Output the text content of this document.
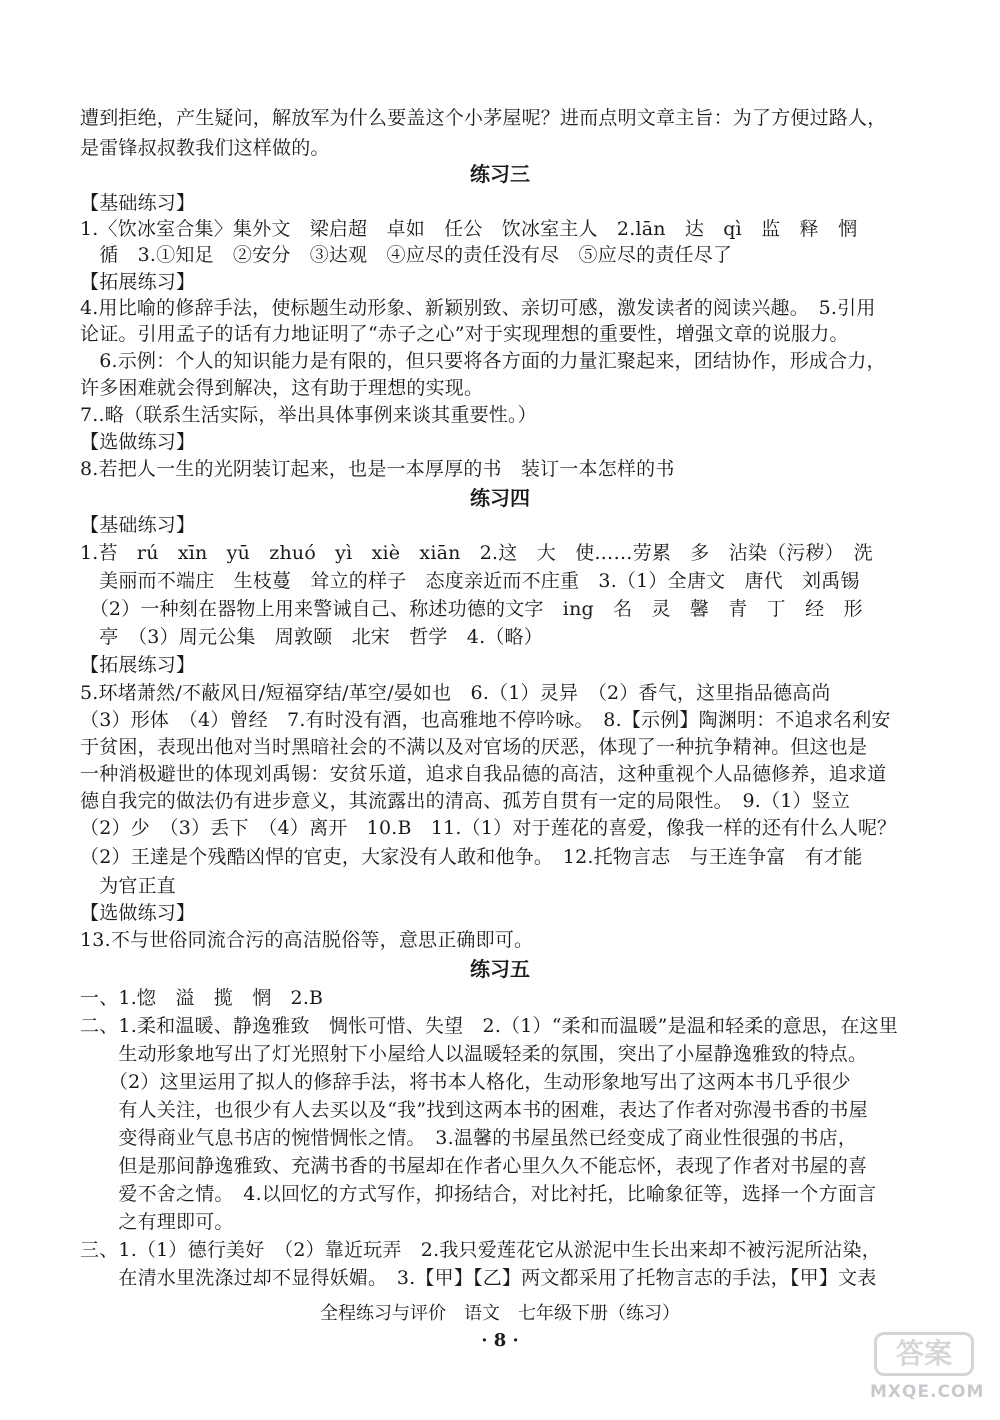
遭到拒绝，产生疑问，解放军为什么要盖这个小茅屋呢？进而点明文章主旨：为了方便过路人，
是雷锋叔叔教我们这样做的。
练习三
【基础练习】
1.〈饮冰室合集〉集外文　梁启超　卓如　任公　饮冰室主人　2.lān　达　qì　监　释　惘
　循　3.①知足　②安分　③达观　④应尽的责任没有尽　⑤应尽的责任尽了
【拓展练习】
4.用比喻的修辞手法，使标题生动形象、新颖别致、亲切可感，激发读者的阅读兴趣。　5.引用
论证。引用孟子的话有力地证明了“赤子之心”对于实现理想的重要性，增强文章的说服力。
　6.示例：个人的知识能力是有限的，但只要将各方面的力量汇聚起来，团结协作，形成合力，
许多困难就会得到解决，这有助于理想的实现。
7..略（联系生活实际，举出具体事例来谈其重要性。）
【选做练习】
8.若把人一生的光阴装订起来，也是一本厚厚的书　装订一本怎样的书
练习四
【基础练习】
1.苔　rú　xīn　yū　zhuó　yì　xiè　xiān　2.这　大　使……劳累　多　沾染（污秽）　洗
　美丽而不端庄　生枝蔓　耸立的样子　态度亲近而不庄重　3.（1）全唐文　唐代　刘禹锡
　（2）一种刻在器物上用来警诫自己、称述功德的文字　ing　名　灵　馨　青　丁　经　形
　亭　（3）周元公集　周敦颐　北宋　哲学　4.（略）
【拓展练习】
5.环堵萧然/不蔽风日/短福穿结/革空/晏如也　6.（1）灵异　（2）香气，这里指品德高尚
（3）形体　（4）曾经　7.有时没有酒，也高雅地不停吟咏。　8.【示例】陶渊明：不追求名利安
于贫困，表现出他对当时黑暗社会的不满以及对官场的厌恶，体现了一种抗争精神。但这也是
一种消极避世的体现刘禹锡：安贫乐道，追求自我品德的高洁，这种重视个人品德修养，追求道
德自我完的做法仍有进步意义，其流露出的清高、孤芳自贯有一定的局限性。　9.（1）竖立
（2）少　（3）丢下　（4）离开　10.B　11.（1）对于莲花的喜爱，像我一样的还有什么人呢？
（2）王達是个残酷凶悍的官吏，大家没有人敢和他争。　12.托物言志　与王连争富　有才能
　为官正直
【选做练习】
13.不与世俗同流合污的高洁脱俗等，意思正确即可。
练习五
一、1.惚　溢　揽　惘　2.B
二、1.柔和温暖、静逸雅致　惆怅可惜、失望　2.（1）“柔和而温暖”是温和轻柔的意思，在这里
　　生动形象地写出了灯光照射下小屋给人以温暖轻柔的氛围，突出了小屋静逸雅致的特点。
　　（2）这里运用了拟人的修辞手法，将书本人格化，生动形象地写出了这两本书几乎很少
　　有人关注，也很少有人去买以及“我”找到这两本书的困难，表达了作者对弥漫书香的书屋
　　变得商业气息书店的惋惜惆怅之情。　3.温馨的书屋虽然已经变成了商业性很强的书店，
　　但是那间静逸雅致、充满书香的书屋却在作者心里久久不能忘怀，表现了作者对书屋的喜
　　爱不舍之情。　4.以回忆的方式写作，抑扬结合，对比衬托，比喻象征等，选择一个方面言
　　之有理即可。
三、1.（1）德行美好　（2）靠近玩弄　2.我只爱莲花它从淤泥中生长出来却不被污泥所沾染，
　　在清水里洗涤过却不显得妖媚。　3.【甲】【乙】两文都采用了托物言志的手法，【甲】文表
全程练习与评价　语文　七年级下册（练习）
· 8 ·	答案
MXQE.COM
